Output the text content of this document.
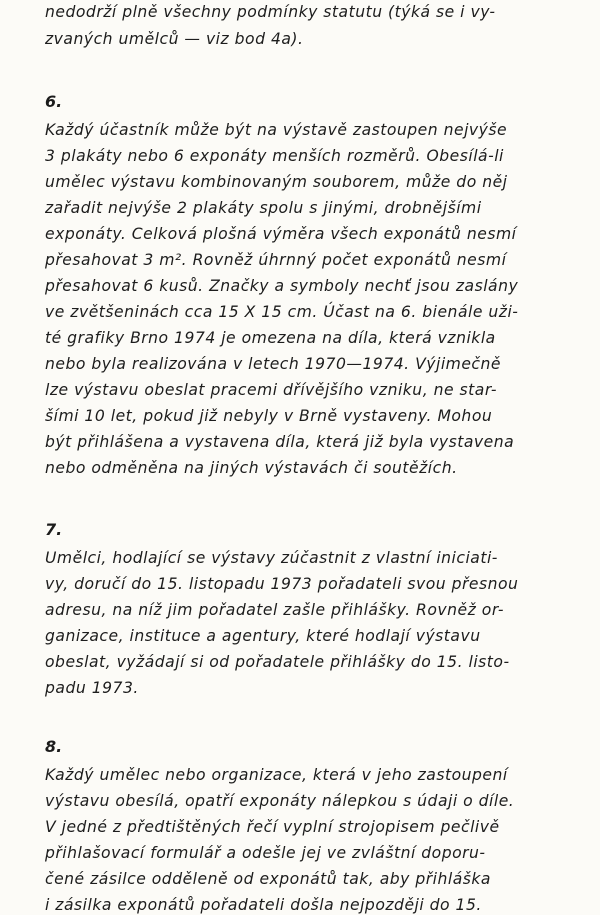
nedodrží plně všechny podmínky statutu (týká se i vy-
zvaných umělců — viz bod 4a).
6.
Každý účastník může být na výstavě zastoupen nejvýše
3 plakáty nebo 6 exponáty menších rozměrů. Obesílá-li
umělec výstavu kombinovaným souborem, může do něj
zařadit nejvýše 2 plakáty spolu s jinými, drobnějšími
exponáty. Celková plošná výměra všech exponátů nesmí
přesahovat 3 m². Rovněž úhrnný počet exponátů nesmí
přesahovat 6 kusů. Značky a symboly nechť jsou zaslány
ve zvětšeninách cca 15 X 15 cm. Účast na 6. bienále uži-
té grafiky Brno 1974 je omezena na díla, která vznikla
nebo byla realizována v letech 1970—1974. Výjimečně
lze výstavu obeslat pracemi dřívějšího vzniku, ne star-
šími 10 let, pokud již nebyly v Brně vystaveny. Mohou
být přihlášena a vystavena díla, která již byla vystavena
nebo odměněna na jiných výstavách či soutěžích.
7.
Umělci, hodlající se výstavy zúčastnit z vlastní iniciati-
vy, doručí do 15. listopadu 1973 pořadateli svou přesnou
adresu, na níž jim pořadatel zašle přihlášky. Rovněž or-
ganizace, instituce a agentury, které hodlají výstavu
obeslat, vyžádají si od pořadatele přihlášky do 15. listo-
padu 1973.
8.
Každý umělec nebo organizace, která v jeho zastoupení
výstavu obesílá, opatří exponáty nálepkou s údaji o díle.
V jedné z předtištěných řečí vyplní strojopisem pečlivě
přihlašovací formulář a odešle jej ve zvláštní doporu-
čené zásilce odděleně od exponátů tak, aby přihláška
i zásilka exponátů pořadateli došla nejpozději do 15.
